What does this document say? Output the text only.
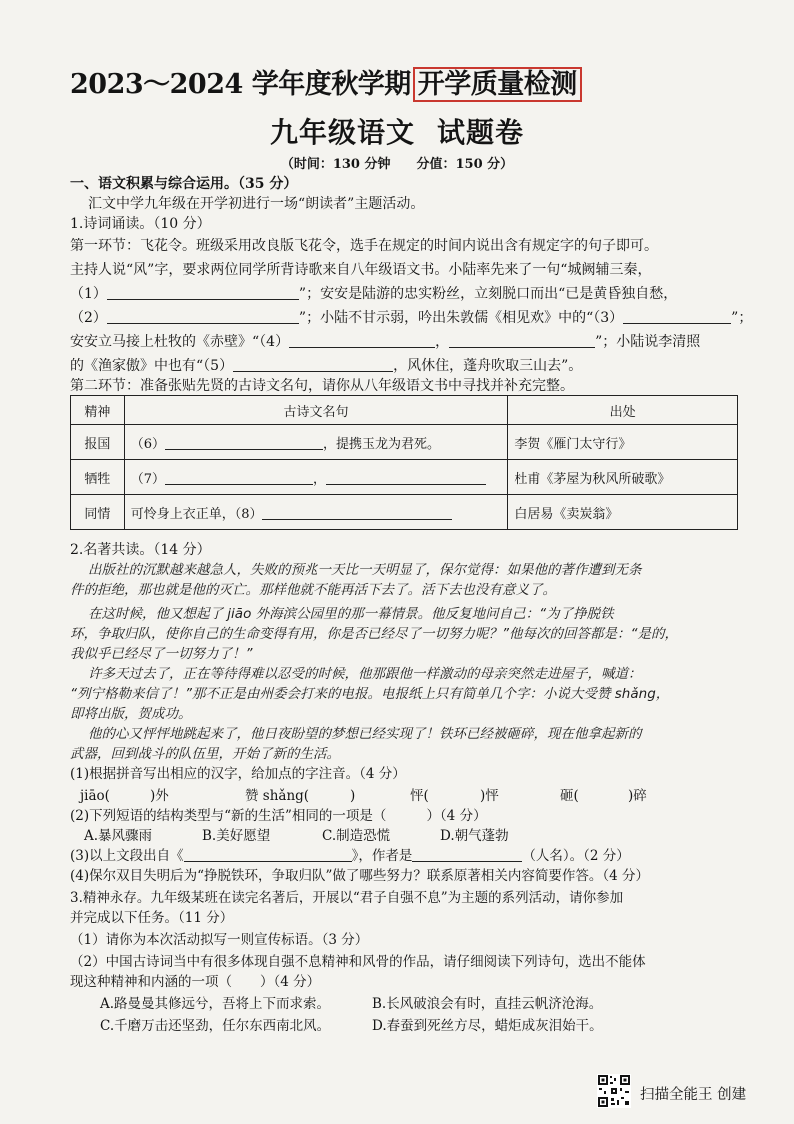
2023～2024 学年度秋学期 开学质量检测
九年级语文 试题卷
（时间：130 分钟 分值：150 分）
一、语文积累与综合运用。（35 分）
汇文中学九年级在开学初进行一场“朗读者”主题活动。
1.诗词诵读。（10 分）
第一环节：飞花令。班级采用改良版飞花令，选手在规定的时间内说出含有规定字的句子即可。
主持人说“风”字，要求两位同学所背诗歌来自八年级语文书。小陆率先来了一句“城阙辅三秦，
（1）	”；安安是陆游的忠实粉丝，立刻脱口而出“已是黄昏独自愁，
（2）	”；小陆不甘示弱，吟出朱敦儒《相见欢》中的“（3）	”；
安安立马接上杜牧的《赤壁》“（4）	，	”；小陆说李清照
的《渔家傲》中也有“（5）	，风休住，蓬舟吹取三山去”。
第二环节：准备张贴先贤的古诗文名句，请你从八年级语文书中寻找并补充完整。
精神	古诗文名句	出处
报国	（6） ，提携玉龙为君死。	李贺《雁门太守行》
牺牲	（7） ，	杜甫《茅屋为秋风所破歌》
同情	可怜身上衣正单，（8）	白居易《卖炭翁》
2.名著共读。（14 分）
出版社的沉默越来越急人，失败的预兆一天比一天明显了，保尔觉得：如果他的著作遭到无条
件的拒绝，那也就是他的灭亡。那样他就不能再活下去了。活下去也没有意义了。
在这时候，他又想起了 jiāo 外海滨公园里的那一幕情景。他反复地问自己：“为了挣脱铁
环，争取归队，使你自己的生命变得有用，你是否已经尽了一切努力呢？”他每次的回答都是：“是的，
我似乎已经尽了一切努力了！”
许多天过去了，正在等待得难以忍受的时候，他那跟他一样激动的母亲突然走进屋子，喊道：
“列宁格勒来信了！”那不正是由州委会打来的电报。电报纸上只有简单几个字：小说大受赞 shǎng，
即将出版，贺成功。
他的心又怦怦地跳起来了，他日夜盼望的梦想已经实现了！铁环已经被砸碎，现在他拿起新的
武器，回到战斗的队伍里，开始了新的生活。
(1)根据拼音写出相应的汉字，给加点的字注音。（4 分）
jiāo(	)外	赞 shǎng(	)	怦(	)怦	砸(	)碎
(2)下列短语的结构类型与“新的生活”相同的一项是（	）（4 分）
A.暴风骤雨	B.美好愿望	C.制造恐慌	D.朝气蓬勃
(3)以上文段出自《	》，作者是	（人名）。（2 分）
(4)保尔双目失明后为“挣脱铁环，争取归队”做了哪些努力？联系原著相关内容简要作答。（4 分）
3.精神永存。九年级某班在读完名著后，开展以“君子自强不息”为主题的系列活动，请你参加
并完成以下任务。（11 分）
（1）请你为本次活动拟写一则宣传标语。（3 分）
（2）中国古诗词当中有很多体现自强不息精神和风骨的作品，请仔细阅读下列诗句，选出不能体
现这种精神和内涵的一项（ ）（4 分）
A.路曼曼其修远兮，吾将上下而求索。	B.长风破浪会有时，直挂云帆济沧海。
C.千磨万击还坚劲，任尔东西南北风。	D.春蚕到死丝方尽，蜡炬成灰泪始干。
扫描全能王 创建
